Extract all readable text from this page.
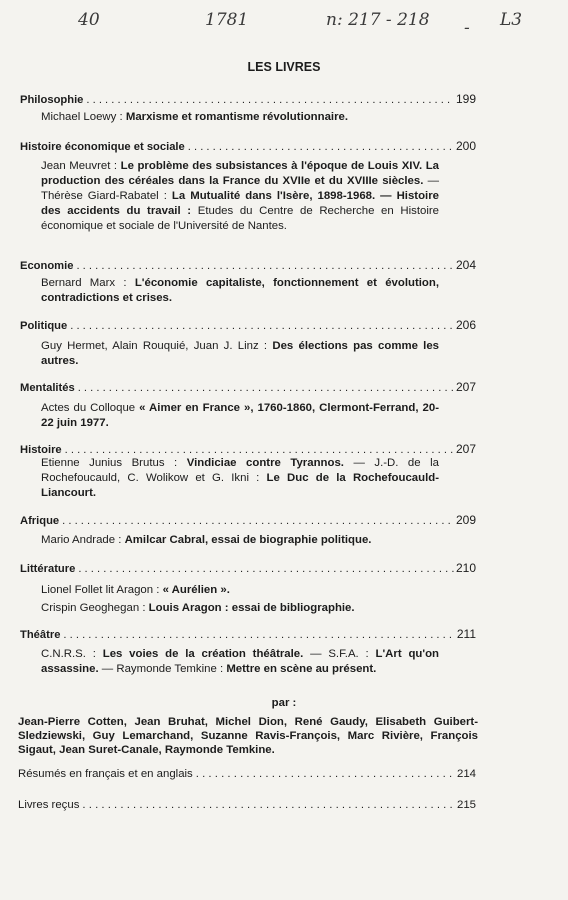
40	1781	n: 217 - 218 - L3
LES LIVRES
Philosophie . . .	199
Michael Loewy : Marxisme et romantisme révolutionnaire.
Histoire économique et sociale . . .	200
Jean Meuvret : Le problème des subsistances à l'époque de Louis XIV. La production des céréales dans la France du XVIIe et du XVIIIe siècles. — Thérèse Giard-Rabatel : La Mutualité dans l'Isère, 1898-1968. — Histoire des accidents du travail : Etudes du Centre de Recherche en Histoire économique et sociale de l'Université de Nantes.
Economie . . .	204
Bernard Marx : L'économie capitaliste, fonctionnement et évolution, contradictions et crises.
Politique . . .	206
Guy Hermet, Alain Rouquié, Juan J. Linz : Des élections pas comme les autres.
Mentalités . . .	207
Actes du Colloque « Aimer en France », 1760-1860, Clermont-Ferrand, 20-22 juin 1977.
Histoire . . .	207
Etienne Junius Brutus : Vindiciae contre Tyrannos. — J.-D. de la Rochefoucauld, C. Wolikow et G. Ikni : Le Duc de la Rochefoucauld-Liancourt.
Afrique . . .	209
Mario Andrade : Amilcar Cabral, essai de biographie politique.
Littérature . . .	210
Lionel Follet lit Aragon : « Aurélien ».
Crispin Geoghegan : Louis Aragon : essai de bibliographie.
Théâtre . . .	211
C.N.R.S. : Les voies de la création théâtrale. — S.F.A. : L'Art qu'on assassine. — Raymonde Temkine : Mettre en scène au présent.
par :
Jean-Pierre Cotten, Jean Bruhat, Michel Dion, René Gaudy, Elisabeth Guibert-Sledziewski, Guy Lemarchand, Suzanne Ravis-François, Marc Rivière, François Sigaut, Jean Suret-Canale, Raymonde Temkine.
Résumés en français et en anglais . . .	214
Livres reçus . . .	215
